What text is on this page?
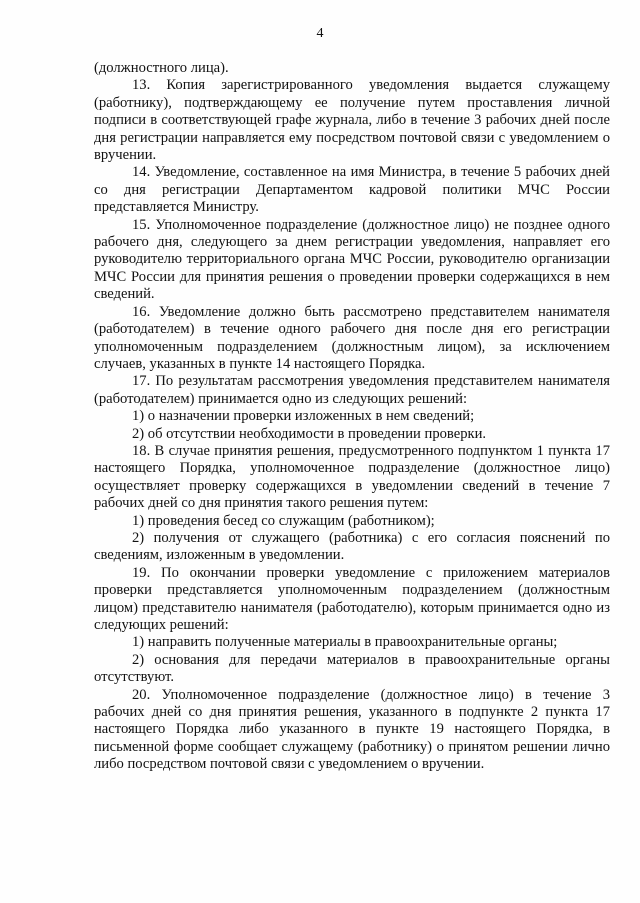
4

(должностного лица).

13. Копия зарегистрированного уведомления выдается служащему (работнику), подтверждающему ее получение путем проставления личной подписи в соответствующей графе журнала, либо в течение 3 рабочих дней после дня регистрации направляется ему посредством почтовой связи с уведомлением о вручении.

14. Уведомление, составленное на имя Министра, в течение 5 рабочих дней со дня регистрации Департаментом кадровой политики МЧС России представляется Министру.

15. Уполномоченное подразделение (должностное лицо) не позднее одного рабочего дня, следующего за днем регистрации уведомления, направляет его руководителю территориального органа МЧС России, руководителю организации МЧС России для принятия решения о проведении проверки содержащихся в нем сведений.

16. Уведомление должно быть рассмотрено представителем нанимателя (работодателем) в течение одного рабочего дня после дня его регистрации уполномоченным подразделением (должностным лицом), за исключением случаев, указанных в пункте 14 настоящего Порядка.

17. По результатам рассмотрения уведомления представителем нанимателя (работодателем) принимается одно из следующих решений:

1) о назначении проверки изложенных в нем сведений;

2) об отсутствии необходимости в проведении проверки.

18. В случае принятия решения, предусмотренного подпунктом 1 пункта 17 настоящего Порядка, уполномоченное подразделение (должностное лицо) осуществляет проверку содержащихся в уведомлении сведений в течение 7 рабочих дней со дня принятия такого решения путем:

1) проведения бесед со служащим (работником);

2) получения от служащего (работника) с его согласия пояснений по сведениям, изложенным в уведомлении.

19. По окончании проверки уведомление с приложением материалов проверки представляется уполномоченным подразделением (должностным лицом) представителю нанимателя (работодателю), которым принимается одно из следующих решений:

1) направить полученные материалы в правоохранительные органы;

2) основания для передачи материалов в правоохранительные органы отсутствуют.

20. Уполномоченное подразделение (должностное лицо) в течение 3 рабочих дней со дня принятия решения, указанного в подпункте 2 пункта 17 настоящего Порядка либо указанного в пункте 19 настоящего Порядка, в письменной форме сообщает служащему (работнику) о принятом решении лично либо посредством почтовой связи с уведомлением о вручении.
